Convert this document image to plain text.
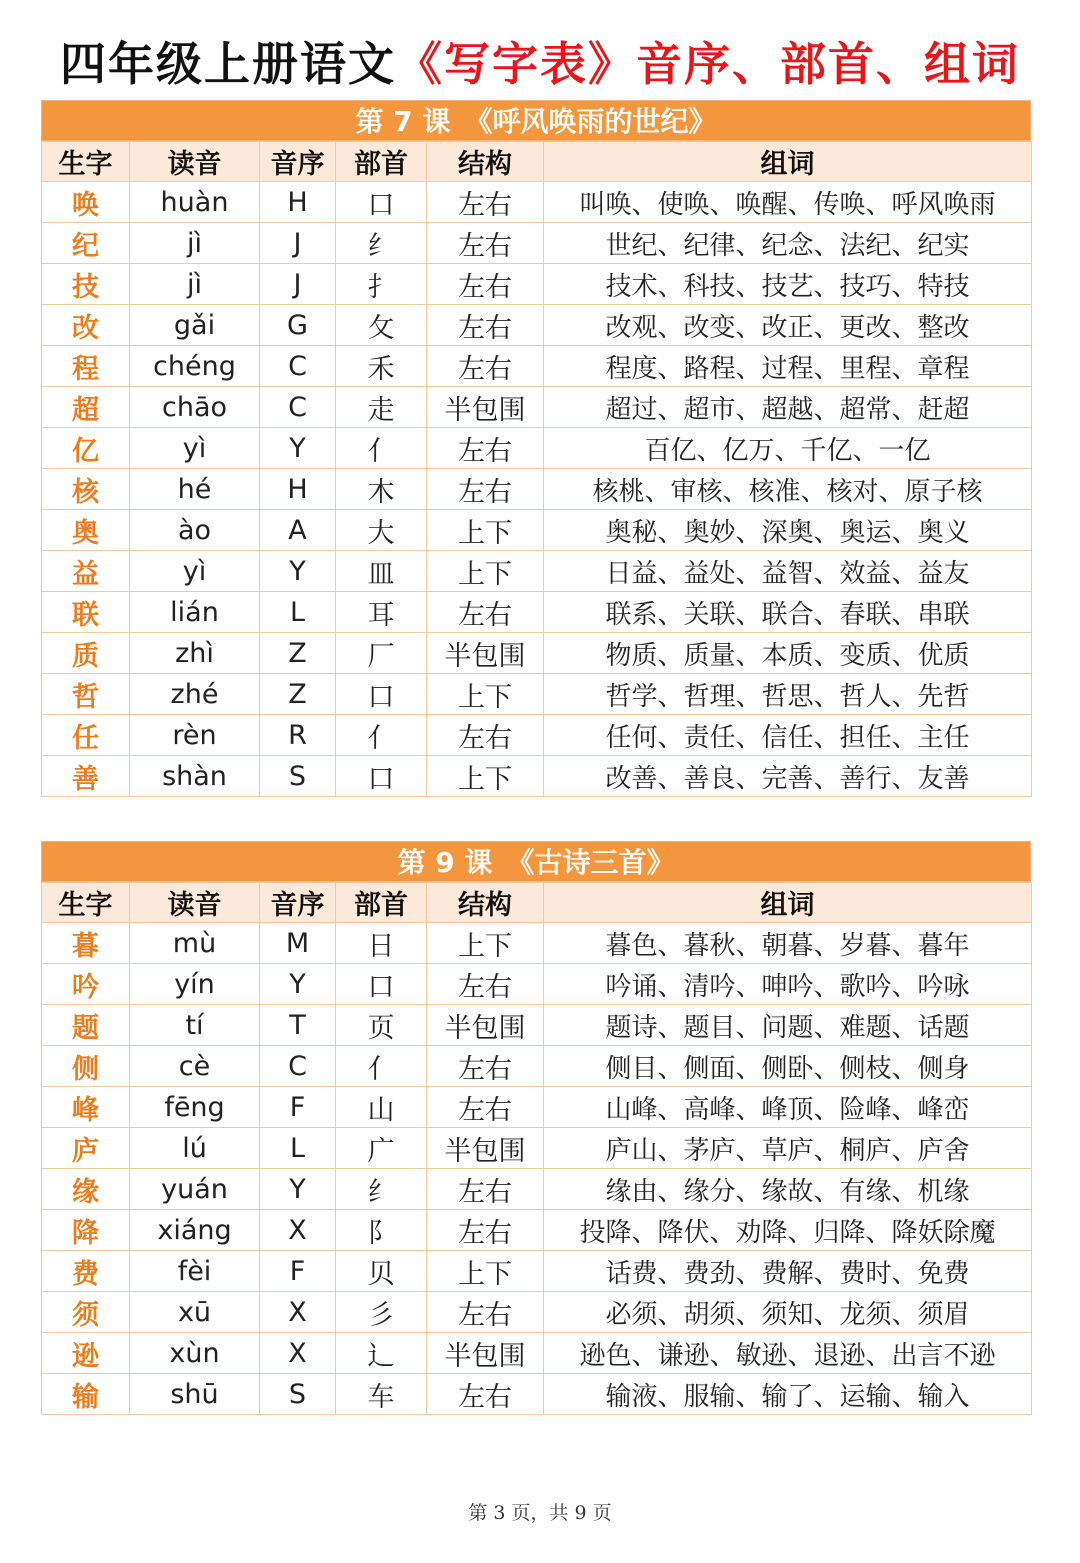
四年级上册语文《写字表》音序、部首、组词
第 7 课　《呼风唤雨的世纪》
生字	读音	音序	部首	结构	组词
唤	huàn	H	口	左右	叫唤、使唤、唤醒、传唤、呼风唤雨
纪	jì	J	纟	左右	世纪、纪律、纪念、法纪、纪实
技	jì	J	扌	左右	技术、科技、技艺、技巧、特技
改	gǎi	G	攵	左右	改观、改变、改正、更改、整改
程	chéng	C	禾	左右	程度、路程、过程、里程、章程
超	chāo	C	走	半包围	超过、超市、超越、超常、赶超
亿	yì	Y	亻	左右	百亿、亿万、千亿、一亿
核	hé	H	木	左右	核桃、审核、核准、核对、原子核
奥	ào	A	大	上下	奥秘、奥妙、深奥、奥运、奥义
益	yì	Y	皿	上下	日益、益处、益智、效益、益友
联	lián	L	耳	左右	联系、关联、联合、春联、串联
质	zhì	Z	厂	半包围	物质、质量、本质、变质、优质
哲	zhé	Z	口	上下	哲学、哲理、哲思、哲人、先哲
任	rèn	R	亻	左右	任何、责任、信任、担任、主任
善	shàn	S	口	上下	改善、善良、完善、善行、友善
第 9 课　《古诗三首》
生字	读音	音序	部首	结构	组词
暮	mù	M	日	上下	暮色、暮秋、朝暮、岁暮、暮年
吟	yín	Y	口	左右	吟诵、清吟、呻吟、歌吟、吟咏
题	tí	T	页	半包围	题诗、题目、问题、难题、话题
侧	cè	C	亻	左右	侧目、侧面、侧卧、侧枝、侧身
峰	fēng	F	山	左右	山峰、高峰、峰顶、险峰、峰峦
庐	lú	L	广	半包围	庐山、茅庐、草庐、桐庐、庐舍
缘	yuán	Y	纟	左右	缘由、缘分、缘故、有缘、机缘
降	xiáng	X	阝	左右	投降、降伏、劝降、归降、降妖除魔
费	fèi	F	贝	上下	话费、费劲、费解、费时、免费
须	xū	X	彡	左右	必须、胡须、须知、龙须、须眉
逊	xùn	X	辶	半包围	逊色、谦逊、敏逊、退逊、出言不逊
输	shū	S	车	左右	输液、服输、输了、运输、输入
第 3 页，共 9 页
